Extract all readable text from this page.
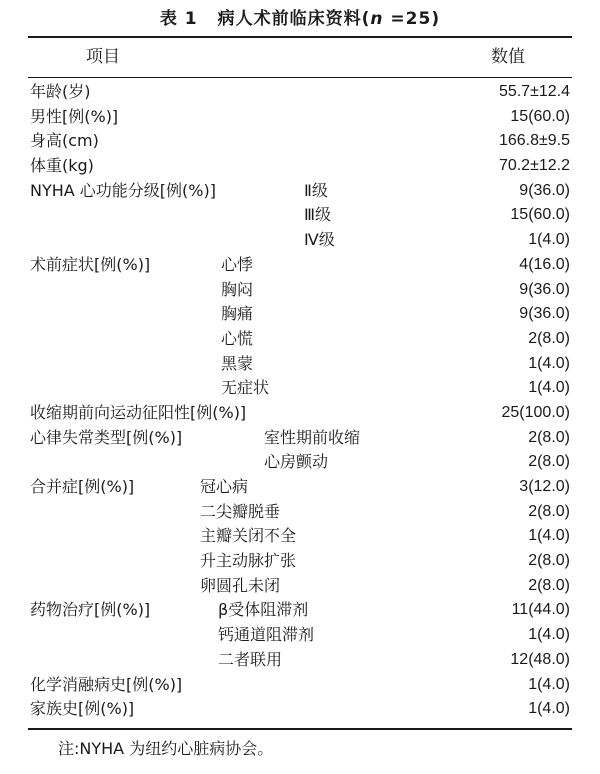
表 1 病人术前临床资料(n =25)
项目	数值
年龄(岁)	55.7±12.4
男性[例(%)]	15(60.0)
身高(cm)	166.8±9.5
体重(kg)	70.2±12.2
NYHA 心功能分级[例(%)]	Ⅱ级	9(36.0)
Ⅲ级	15(60.0)
Ⅳ级	1(4.0)
术前症状[例(%)]	心悸	4(16.0)
胸闷	9(36.0)
胸痛	9(36.0)
心慌	2(8.0)
黑蒙	1(4.0)
无症状	1(4.0)
收缩期前向运动征阳性[例(%)]	25(100.0)
心律失常类型[例(%)]	室性期前收缩	2(8.0)
心房颤动	2(8.0)
合并症[例(%)]	冠心病	3(12.0)
二尖瓣脱垂	2(8.0)
主瓣关闭不全	1(4.0)
升主动脉扩张	2(8.0)
卵圆孔未闭	2(8.0)
药物治疗[例(%)]	β受体阻滞剂	11(44.0)
钙通道阻滞剂	1(4.0)
二者联用	12(48.0)
化学消融病史[例(%)]	1(4.0)
家族史[例(%)]	1(4.0)
注:NYHA 为纽约心脏病协会。
